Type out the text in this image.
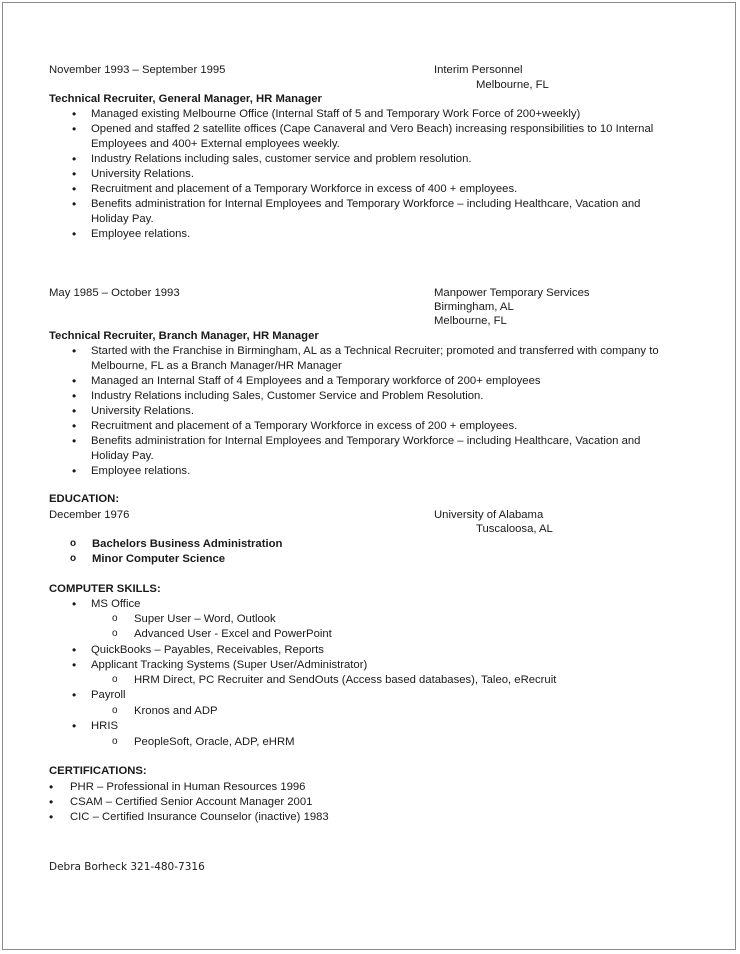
November 1993 – September 1995	Interim Personnel
Melbourne, FL
Technical Recruiter, General Manager, HR Manager
• Managed existing Melbourne Office (Internal Staff of 5 and Temporary Work Force of 200+weekly)
• Opened and staffed 2 satellite offices (Cape Canaveral and Vero Beach) increasing responsibilities to 10 Internal Employees and 400+ External employees weekly.
• Industry Relations including sales, customer service and problem resolution.
• University Relations.
• Recruitment and placement of a Temporary Workforce in excess of 400 + employees.
• Benefits administration for Internal Employees and Temporary Workforce – including Healthcare, Vacation and Holiday Pay.
• Employee relations.
May 1985 – October 1993	Manpower Temporary Services
Birmingham, AL
Melbourne, FL
Technical Recruiter, Branch Manager, HR Manager
• Started with the Franchise in Birmingham, AL as a Technical Recruiter; promoted and transferred with company to Melbourne, FL as a Branch Manager/HR Manager
• Managed an Internal Staff of 4 Employees and a Temporary workforce of 200+ employees
• Industry Relations including Sales, Customer Service and Problem Resolution.
• University Relations.
• Recruitment and placement of a Temporary Workforce in excess of 200 + employees.
• Benefits administration for Internal Employees and Temporary Workforce – including Healthcare, Vacation and Holiday Pay.
• Employee relations.
EDUCATION:
December 1976	University of Alabama
Tuscaloosa, AL
o Bachelors Business Administration
o Minor Computer Science
COMPUTER SKILLS:
• MS Office
o Super User – Word, Outlook
o Advanced User - Excel and PowerPoint
• QuickBooks – Payables, Receivables, Reports
• Applicant Tracking Systems (Super User/Administrator)
o HRM Direct, PC Recruiter and SendOuts (Access based databases), Taleo, eRecruit
• Payroll
o Kronos and ADP
• HRIS
o PeopleSoft, Oracle, ADP, eHRM
CERTIFICATIONS:
• PHR – Professional in Human Resources 1996
• CSAM – Certified Senior Account Manager 2001
• CIC – Certified Insurance Counselor (inactive) 1983
Debra Borheck 321-480-7316
